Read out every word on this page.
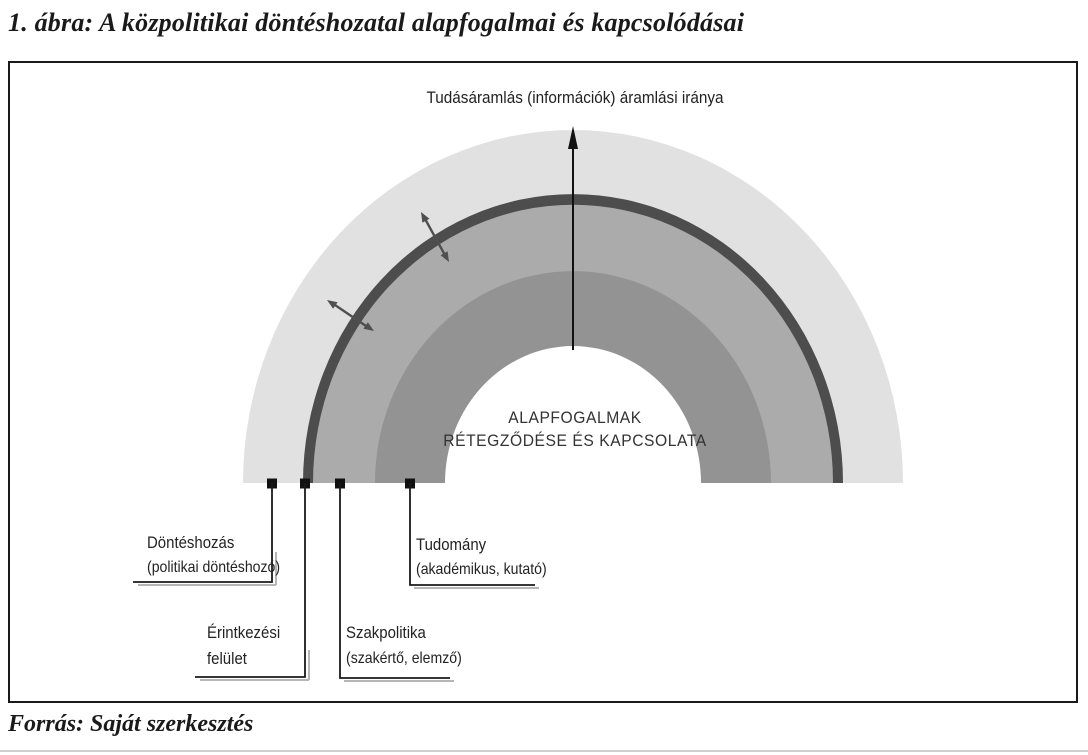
1. ábra: A közpolitikai döntéshozatal alapfogalmai és kapcsolódásai
Tudásáramlás (információk) áramlási iránya
ALAPFOGALMAK
RÉTEGZŐDÉSE ÉS KAPCSOLATA
Döntéshozás
(politikai döntéshozó)
Érintkezési
felület
Szakpolitika
(szakértő, elemző)
Tudomány
(akadémikus, kutató)
Forrás: Saját szerkesztés
